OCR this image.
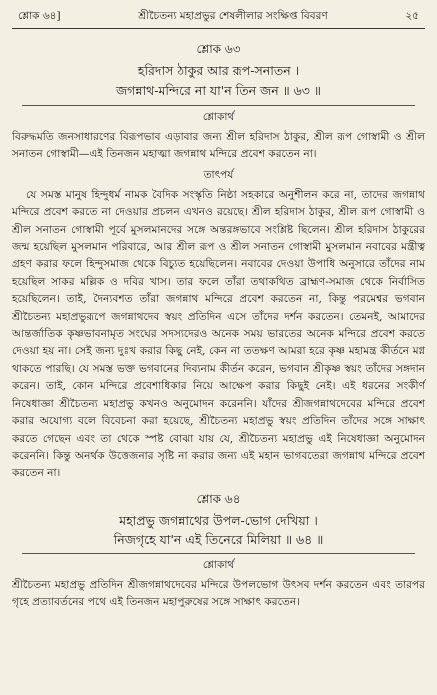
শ্লোক ৬৪]	শ্রীচৈতন্য মহাপ্রভুর শেষলীলার সংক্ষিপ্ত বিবরণ	২৫
শ্লোক ৬৩
হরিদাস ঠাকুর আর রূপ-সনাতন ।
জগন্নাথ-মন্দিরে না যা'ন তিন জন ॥ ৬৩ ॥
শ্লোকার্থ

বিরুদ্ধমতি জনসাধারণের বিরূপভাব এড়াবার জন্য শ্রীল হরিদাস ঠাকুর, শ্রীল রূপ গোস্বামী ও শ্রীল সনাতন গোস্বামী—এই তিনজন মহাত্মা জগন্নাথ মন্দিরে প্রবেশ করতেন না।

তাৎপর্য

যে সমস্ত মানুষ হিন্দুধর্ম নামক বৈদিক সংস্কৃতি নিষ্ঠা সহকারে অনুশীলন করে না, তাদের জগন্নাথ মন্দিরে প্রবেশ করতে না দেওয়ার প্রচলন এখনও রয়েছে। শ্রীল হরিদাস ঠাকুর, শ্রীল রূপ গোস্বামী ও শ্রীল সনাতন গোস্বামী পূর্বে মুসলমানদের সঙ্গে অন্তরঙ্গভাবে সংশ্লিষ্ট ছিলেন। শ্রীল হরিদাস ঠাকুরের জন্ম হয়েছিল মুসলমান পরিবারে, আর শ্রীল রূপ ও শ্রীল সনাতন গোস্বামী মুসলমান নবাবের মন্ত্রীত্ব গ্রহণ করার ফলে হিন্দুসমাজ থেকে বিচ্যুত হয়েছিলেন। নবাবের দেওয়া উপাধি অনুসারে তাঁদের নাম হয়েছিল সাকর মল্লিক ও দবির খাস। তার ফলে তাঁরা তথাকথিত ব্রাহ্মণ-সমাজ থেকে নির্বাসিত হয়েছিলেন। তাই, দৈন্যবশত তাঁরা জগন্নাথ মন্দিরে প্রবেশ করতেন না, কিন্তু পরমেশ্বর ভগবান শ্রীচৈতন্য মহাপ্রভুরূপে জগন্নাথদেব স্বয়ং প্রতিদিন এসে তাঁদের দর্শন করতেন। তেমনই, আমাদের আন্তর্জাতিক কৃষ্ণভাবনামৃত সংঘের সদস্যদেরও অনেক সময় ভারতের অনেক মন্দিরে প্রবেশ করতে দেওয়া হয় না। সেই জন্য দুঃখ করার কিছু নেই, কেন না ততক্ষণ আমরা হরে কৃষ্ণ মহামন্ত্র কীর্তনে মগ্ন থাকতে পারছি। যে সমস্ত ভক্ত ভগবানের দিব্যনাম কীর্তন করেন, ভগবান শ্রীকৃষ্ণ স্বয়ং তাঁদের সঙ্গদান করেন। তাই, কোন মন্দিরে প্রবেশাধিকার নিয়ে আক্ষেপ করার কিছুই নেই। এই ধরনের সংকীর্ণ নিষেধাজ্ঞা শ্রীচৈতন্য মহাপ্রভু কখনও অনুমোদন করেননি। যাঁদের শ্রীজগন্নাথদেবের মন্দিরে প্রবেশ করার অযোগ্য বলে বিবেচনা করা হয়েছে, শ্রীচৈতন্য মহাপ্রভু স্বয়ং প্রতিদিন তাঁদের সঙ্গে সাক্ষাৎ করতে গেছেন এবং তা থেকে স্পষ্ট বোঝা যায় যে, শ্রীচৈতন্য মহাপ্রভু এই নিষেধাজ্ঞা অনুমোদন করেননি। কিন্তু অনর্থক উত্তেজনার সৃষ্টি না করার জন্য এই মহান ভাগবতেরা জগন্নাথ মন্দিরে প্রবেশ করতেন না।

শ্লোক ৬৪
মহাপ্রভু জগন্নাথের উপল-ভোগ দেখিয়া ।
নিজগৃহে যা'ন এই তিনেরে মিলিয়া ॥ ৬৪ ॥
শ্লোকার্থ

শ্রীচৈতন্য মহাপ্রভু প্রতিদিন শ্রীজগন্নাথদেবের মন্দিরে উপলভোগ উৎসব দর্শন করতেন এবং তারপর গৃহে প্রত্যাবর্তনের পথে এই তিনজন মহাপুরুষের সঙ্গে সাক্ষাৎ করতেন।
